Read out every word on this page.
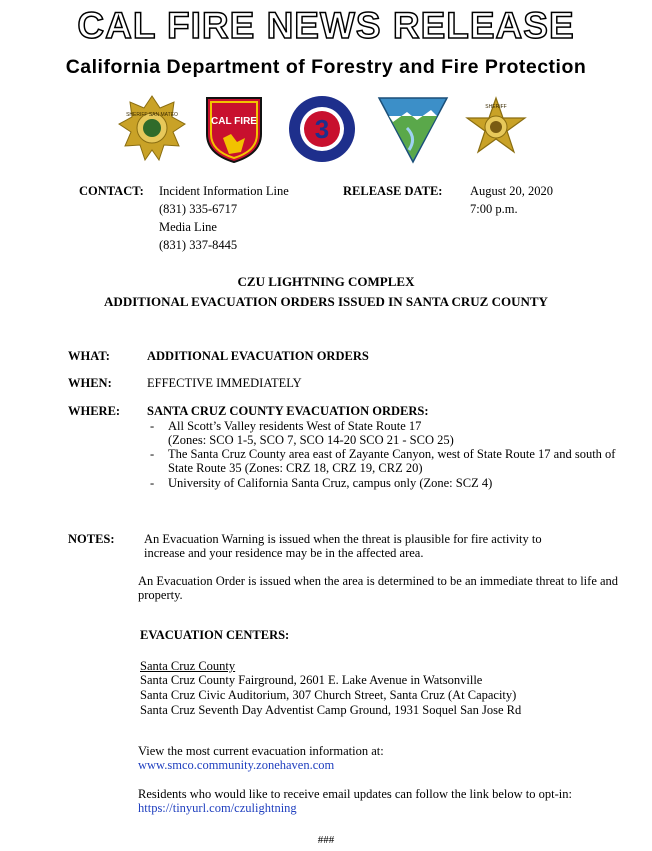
CAL FIRE NEWS RELEASE
California Department of Forestry and Fire Protection
SHERIFF SAN MATEO
CAL FIRE 3
SHERIFF
CONTACT: Incident Information Line
(831) 335-6717
Media Line
(831) 337-8445
RELEASE DATE: August 20, 2020
7:00 p.m.
CZU LIGHTNING COMPLEX
ADDITIONAL EVACUATION ORDERS ISSUED IN SANTA CRUZ COUNTY
WHAT:	ADDITIONAL EVACUATION ORDERS
WHEN:	EFFECTIVE IMMEDIATELY
WHERE: SANTA CRUZ COUNTY EVACUATION ORDERS:
- All Scott’s Valley residents West of State Route 17
(Zones: SCO 1-5, SCO 7, SCO 14-20 SCO 21 - SCO 25)
- The Santa Cruz County area east of Zayante Canyon, west of State Route 17 and south of
State Route 35 (Zones: CRZ 18, CRZ 19, CRZ 20)
- University of California Santa Cruz, campus only (Zone: SCZ 4)
NOTES: An Evacuation Warning is issued when the threat is plausible for fire activity to
increase and your residence may be in the affected area.
An Evacuation Order is issued when the area is determined to be an immediate threat to life and
property.
EVACUATION CENTERS:
Santa Cruz County
Santa Cruz County Fairground, 2601 E. Lake Avenue in Watsonville
Santa Cruz Civic Auditorium, 307 Church Street, Santa Cruz (At Capacity)
Santa Cruz Seventh Day Adventist Camp Ground, 1931 Soquel San Jose Rd
View the most current evacuation information at:
www.smco.community.zonehaven.com
Residents who would like to receive email updates can follow the link below to opt-in:
https://tinyurl.com/czulightning
###
